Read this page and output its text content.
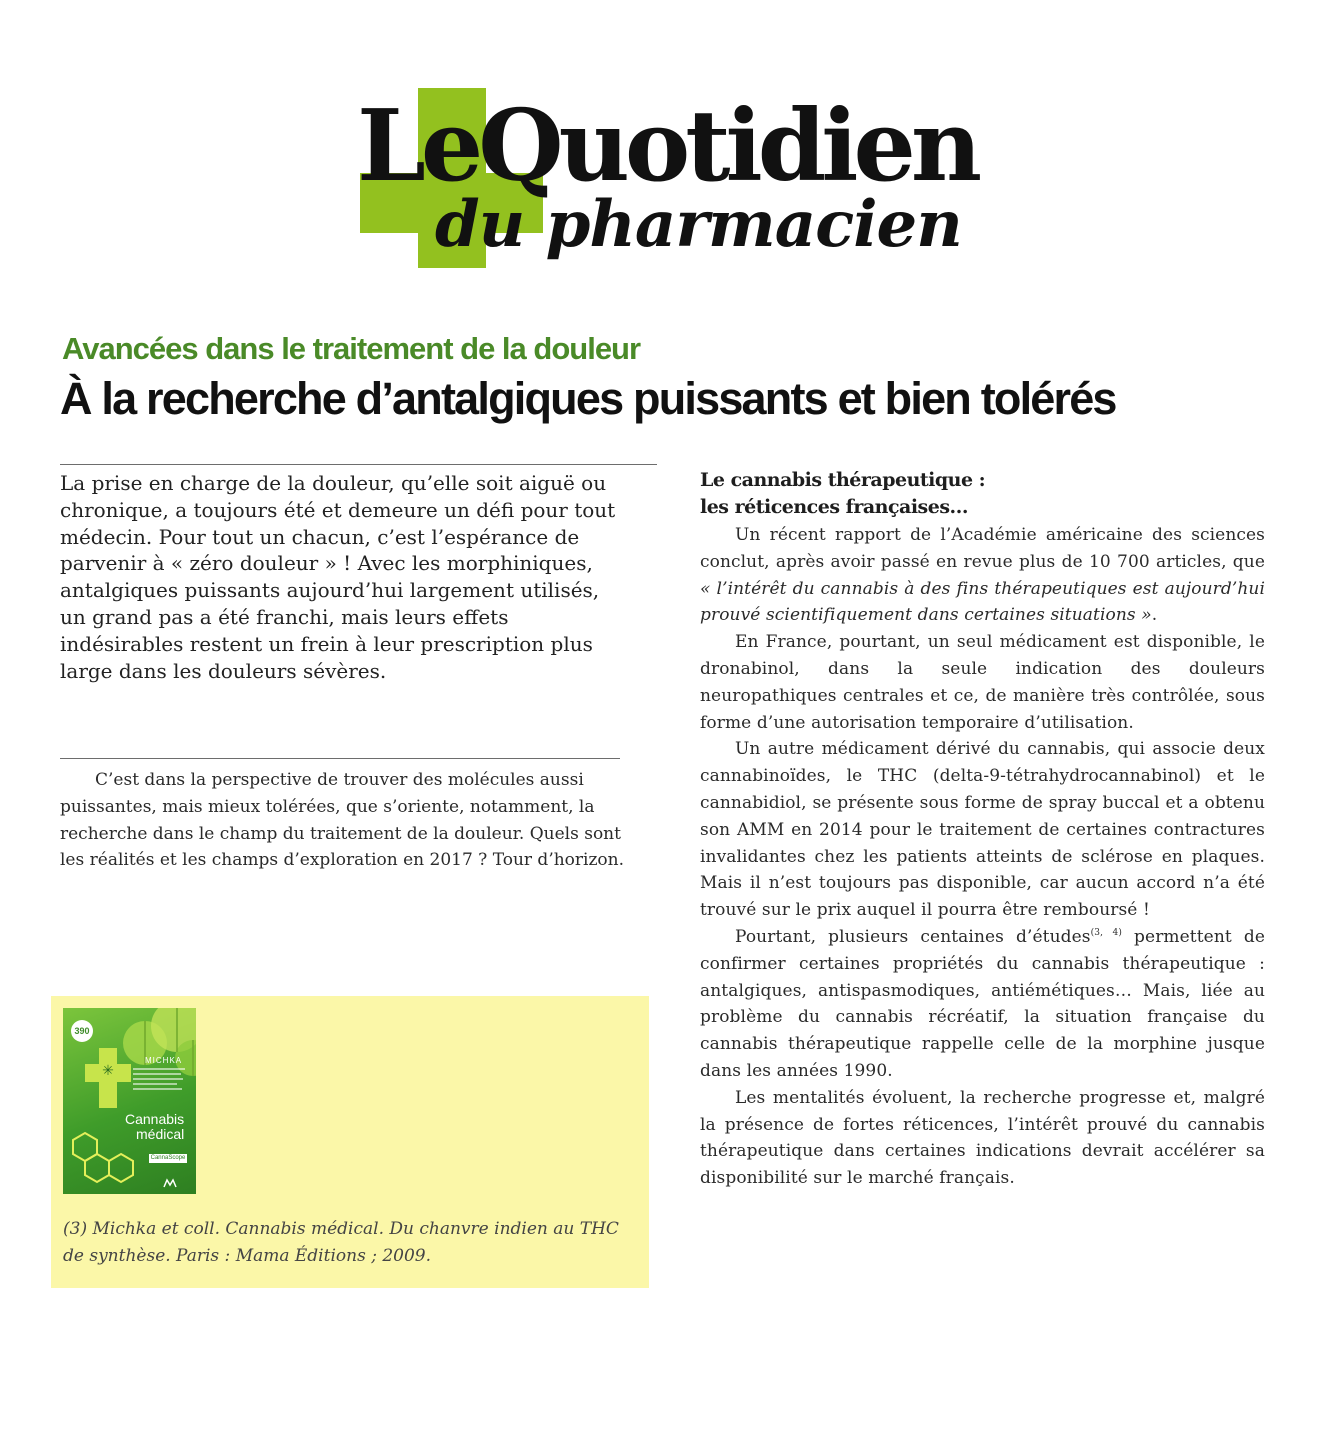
LeQuotidien

du pharmacien

Avancées dans le traitement de la douleur
À la recherche d’antalgiques puissants et bien tolérés

La prise en charge de la douleur, qu’elle soit aiguë ou chronique, a toujours été et demeure un défi pour tout médecin. Pour tout un chacun, c’est l’espérance de parvenir à « zéro douleur » ! Avec les morphiniques, antalgiques puissants aujourd’hui largement utilisés, un grand pas a été franchi, mais leurs effets indésirables restent un frein à leur prescription plus large dans les douleurs sévères.

C’est dans la perspective de trouver des molécules aussi puissantes, mais mieux tolérées, que s’oriente, notamment, la recherche dans le champ du traitement de la douleur. Quels sont les réalités et les champs d’exploration en 2017 ? Tour d’horizon.

390
✳
MICHKA
Cannabis
médical
CannaScope

(3) Michka et coll. Cannabis médical. Du chanvre indien au THC de synthèse. Paris : Mama Éditions ; 2009.

Le cannabis thérapeutique :
les réticences françaises…

Un récent rapport de l’Académie américaine des sciences conclut, après avoir passé en revue plus de 10 700 articles, que « l’intérêt du cannabis à des fins thérapeutiques est aujourd’hui prouvé scientifiquement dans certaines situations ».

En France, pourtant, un seul médicament est disponible, le dronabinol, dans la seule indication des douleurs neuropathiques centrales et ce, de manière très contrôlée, sous forme d’une autorisation temporaire d’utilisation.

Un autre médicament dérivé du cannabis, qui associe deux cannabinoïdes, le THC (delta-9-tétrahydrocannabinol) et le cannabidiol, se présente sous forme de spray buccal et a obtenu son AMM en 2014 pour le traitement de certaines contractures invalidantes chez les patients atteints de sclérose en plaques. Mais il n’est toujours pas disponible, car aucun accord n’a été trouvé sur le prix auquel il pourra être remboursé !

Pourtant, plusieurs centaines d’études$^{(3, 4)}$ permettent de confirmer certaines propriétés du cannabis thérapeutique : antalgiques, antispasmodiques, antiémétiques… Mais, liée au problème du cannabis récréatif, la situation française du cannabis thérapeutique rappelle celle de la morphine jusque dans les années 1990.

Les mentalités évoluent, la recherche progresse et, malgré la présence de fortes réticences, l’intérêt prouvé du cannabis thérapeutique dans certaines indications devrait accélérer sa disponibilité sur le marché français.
